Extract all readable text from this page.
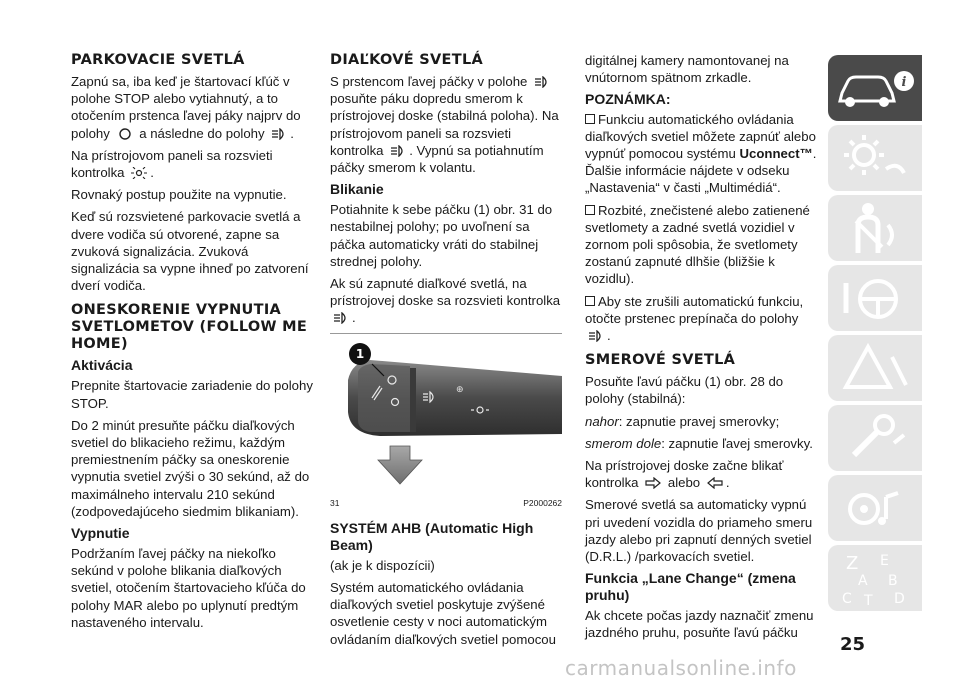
PARKOVACIE SVETLÁ

Zapnú sa, iba keď je štartovací kľúč v polohe STOP alebo vytiahnutý, a to otočením prstenca ľavej páky najprv do polohy a následne do polohy .

Na prístrojovom paneli sa rozsvieti kontrolka .

Rovnaký postup použite na vypnutie.

Keď sú rozsvietené parkovacie svetlá a dvere vodiča sú otvorené, zapne sa zvuková signalizácia. Zvuková signalizácia sa vypne ihneď po zatvorení dverí vodiča.

ONESKORENIE VYPNUTIA SVETLOMETOV (FOLLOW ME HOME)
Aktivácia

Prepnite štartovacie zariadenie do polohy STOP.

Do 2 minút presuňte páčku diaľkových svetiel do blikacieho režimu, každým premiestnením páčky sa oneskorenie vypnutia svetiel zvýši o 30 sekúnd, až do maximálneho intervalu 210 sekúnd (zodpovedajúceho siedmim blikaniam).

Vypnutie

Podržaním ľavej páčky na niekoľko sekúnd v polohe blikania diaľkových svetiel, otočením štartovacieho kľúča do polohy MAR alebo po uplynutí predtým nastaveného intervalu.

DIAĽKOVÉ SVETLÁ

S prstencom ľavej páčky v polohe  posuňte páku dopredu smerom k prístrojovej doske (stabilná poloha). Na prístrojovom paneli sa rozsvieti kontrolka . Vypnú sa potiahnutím páčky smerom k volantu.

Blikanie

Potiahnite k sebe páčku (1) obr. 31 do nestabilnej polohy; po uvoľnení sa páčka automaticky vráti do stabilnej strednej polohy.

Ak sú zapnuté diaľkové svetlá, na prístrojovej doske sa rozsvieti kontrolka .

⊕
1
31	P2000262
SYSTÉM AHB (Automatic High Beam)

(ak je k dispozícii)

Systém automatického ovládania diaľkových svetiel poskytuje zvýšené osvetlenie cesty v noci automatickým ovládaním diaľkových svetiel pomocou

digitálnej kamery namontovanej na vnútornom spätnom zrkadle.

POZNÁMKA:

Funkciu automatického ovládania diaľkových svetiel môžete zapnúť alebo vypnúť pomocou systému Uconnect™. Ďalšie informácie nájdete v odseku „Nastavenia“ v časti „Multimédiá“.

Rozbité, znečistené alebo zatienené svetlomety a zadné svetlá vozidiel v zornom poli spôsobia, že svetlomety zostanú zapnuté dlhšie (bližšie k vozidlu).

Aby ste zrušili automatickú funkciu, otočte prstenec prepínača do polohy .

SMEROVÉ SVETLÁ

Posuňte ľavú páčku (1) obr. 28 do polohy (stabilná):

nahor: zapnutie pravej smerovky;

smerom dole: zapnutie ľavej smerovky.

Na prístrojovej doske začne blikať kontrolka alebo .

Smerové svetlá sa automaticky vypnú pri uvedení vozidla do priameho smeru jazdy alebo pri zapnutí denných svetiel (D.R.L.) /parkovacích svetiel.

Funkcia „Lane Change“ (zmena pruhu)

Ak chcete počas jazdy naznačiť zmenu jazdného pruhu, posuňte ľavú páčku

i
Z E
A B
C T D
25
carmanualsonline.info
